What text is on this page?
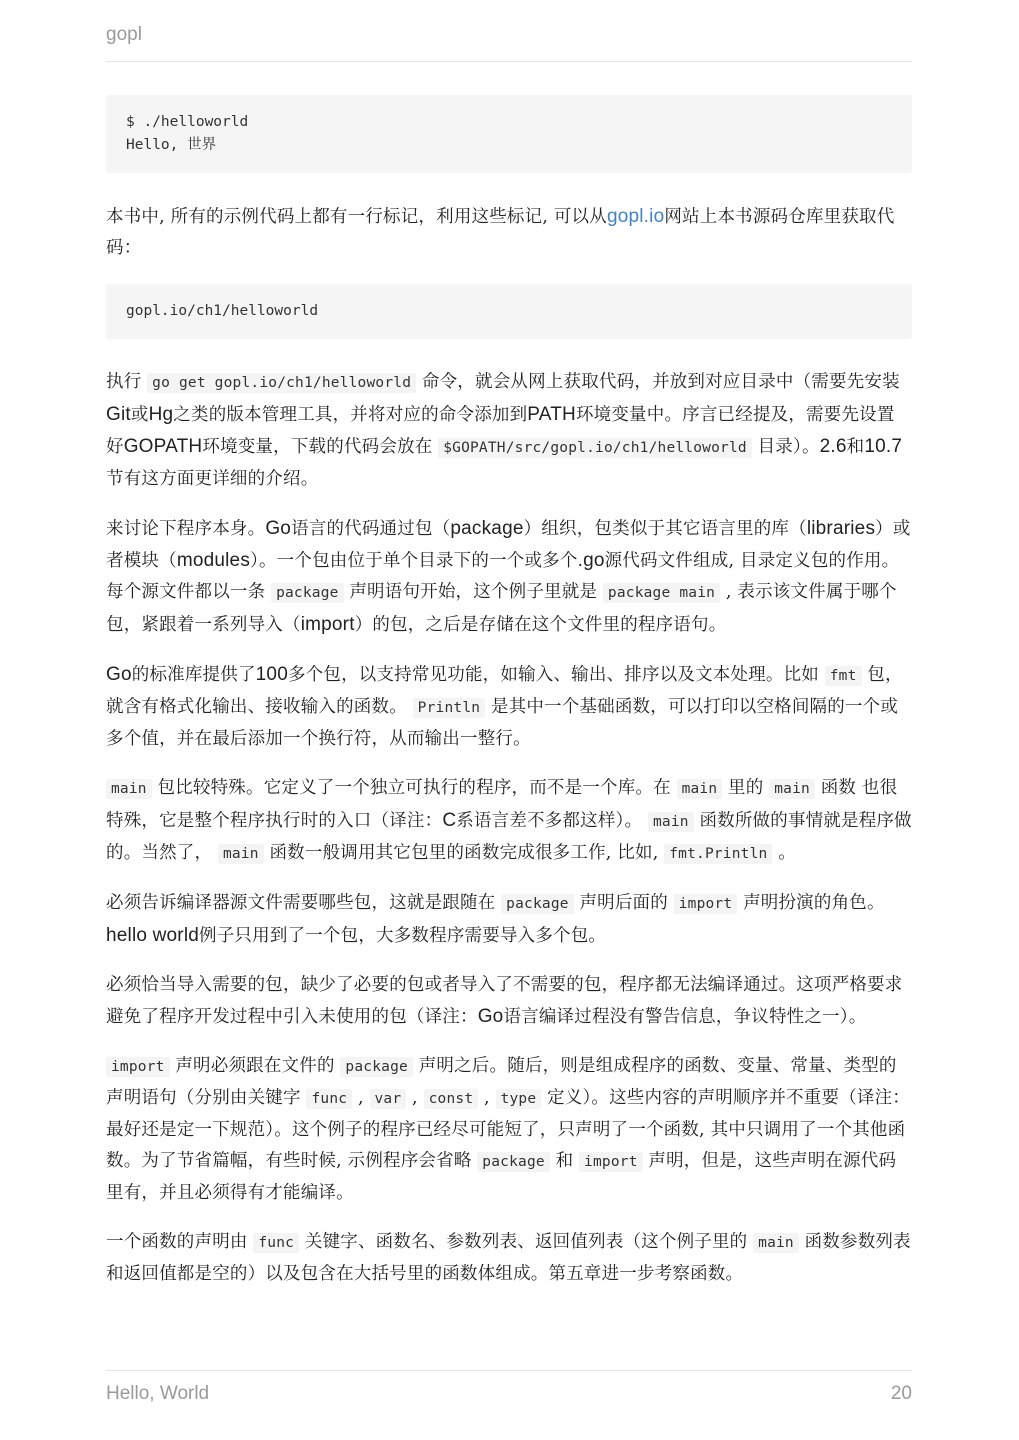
gopl
$ ./helloworld
Hello, 世界

本书中, 所有的示例代码上都有一行标记，利用这些标记, 可以从gopl.io网站上本书源码仓库里获取代码：

gopl.io/ch1/helloworld

执行 go get gopl.io/ch1/helloworld 命令，就会从网上获取代码，并放到对应目录中（需要先安装Git或Hg之类的版本管理工具，并将对应的命令添加到PATH环境变量中。序言已经提及，需要先设置好GOPATH环境变量，下载的代码会放在 $GOPATH/src/gopl.io/ch1/helloworld 目录）。2.6和10.7节有这方面更详细的介绍。

来讨论下程序本身。Go语言的代码通过包（package）组织，包类似于其它语言里的库（libraries）或者模块（modules）。一个包由位于单个目录下的一个或多个.go源代码文件组成, 目录定义包的作用。每个源文件都以一条 package 声明语句开始，这个例子里就是 package main , 表示该文件属于哪个包，紧跟着一系列导入（import）的包，之后是存储在这个文件里的程序语句。

Go的标准库提供了100多个包，以支持常见功能，如输入、输出、排序以及文本处理。比如 fmt 包，就含有格式化输出、接收输入的函数。 Println 是其中一个基础函数，可以打印以空格间隔的一个或多个值，并在最后添加一个换行符，从而输出一整行。

main 包比较特殊。它定义了一个独立可执行的程序，而不是一个库。在 main 里的 main 函数 也很特殊，它是整个程序执行时的入口（译注：C系语言差不多都这样）。 main 函数所做的事情就是程序做的。当然了， main 函数一般调用其它包里的函数完成很多工作, 比如, fmt.Println 。

必须告诉编译器源文件需要哪些包，这就是跟随在 package 声明后面的 import 声明扮演的角色。hello world例子只用到了一个包，大多数程序需要导入多个包。

必须恰当导入需要的包，缺少了必要的包或者导入了不需要的包，程序都无法编译通过。这项严格要求避免了程序开发过程中引入未使用的包（译注：Go语言编译过程没有警告信息，争议特性之一）。

import 声明必须跟在文件的 package 声明之后。随后，则是组成程序的函数、变量、常量、类型的声明语句（分别由关键字 func , var , const , type 定义）。这些内容的声明顺序并不重要（译注：最好还是定一下规范）。这个例子的程序已经尽可能短了，只声明了一个函数, 其中只调用了一个其他函数。为了节省篇幅，有些时候, 示例程序会省略 package 和 import 声明，但是，这些声明在源代码里有，并且必须得有才能编译。

一个函数的声明由 func 关键字、函数名、参数列表、返回值列表（这个例子里的 main 函数参数列表和返回值都是空的）以及包含在大括号里的函数体组成。第五章进一步考察函数。

Hello, World	20
